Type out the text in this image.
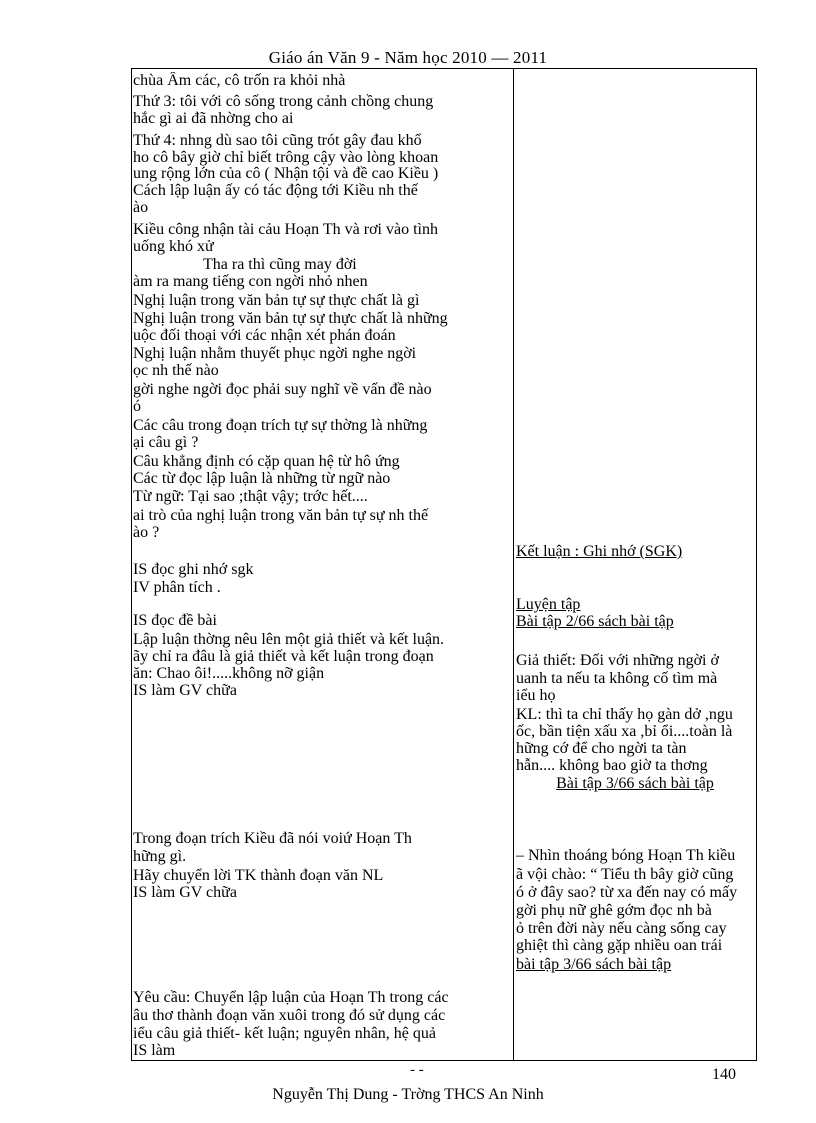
Giáo án Văn 9 - Năm học 2010 — 2011
chùa Âm các, cô trốn ra khỏi nhà
Thứ 3: tôi với cô sống trong cảnh chồng chung
hắc gì ai đã nhờng cho ai
Thứ 4: nhng dù sao tôi cũng trót gây đau khổ
ho cô bây giờ chỉ biết trông cậy vào lòng khoan
ung rộng lớn của cô ( Nhận tội và đề cao Kiều )
Cách lập luận ấy có tác động tới Kiều nh thế
ào
Kiều công nhận tài cảu Hoạn Th và rơi vào tình
uống khó xử
Tha ra thì cũng may đời
àm ra mang tiếng con ngời nhỏ nhen
Nghị luận trong văn bản tự sự thực chất là gì
Nghị luận trong văn bản tự sự thực chất là những
uộc đối thoại với các nhận xét phán đoán
Nghị luận nhằm thuyết phục ngời nghe ngời
ọc nh thế nào
gời nghe ngời đọc phải suy nghĩ về vấn đề nào
ó
Các câu trong đoạn trích tự sự thờng là những
ại câu gì ?
Câu khẳng định có cặp quan hệ từ hô ứng
Các từ đọc lập luận là những từ ngữ nào
Từ ngữ: Tại sao ;thật vậy; trớc hết....
ai trò của nghị luận trong văn bản tự sự nh thế
ào ?
IS đọc ghi nhớ sgk
IV phân tích .
IS đọc đề bài
Lập luận thờng nêu lên một giả thiết và kết luận.
ãy chỉ ra đâu là giả thiết và kết luận trong đoạn
ăn: Chao ôi!.....không nỡ giận
IS làm GV chữa
Trong đoạn trích Kiều đã nói voiứ Hoạn Th
hững gì.
Hãy chuyển lời TK thành đoạn văn NL
IS làm GV chữa
Yêu cầu: Chuyển lập luận của Hoạn Th trong các
âu thơ thành đoạn văn xuôi trong đó sử dụng các
iểu câu giả thiết- kết luận; nguyên nhân, hệ quả
IS làm
Kết luận : Ghi nhớ (SGK)
Luyện tập
Bài tập 2/66 sách bài tập
Giả thiết: Đối với những ngời ở
uanh ta nếu ta không cố tìm mà
iểu họ
KL: thì ta chỉ thấy họ gàn dở ,ngu
ốc, bần tiện xấu xa ,bỉ ổi....toàn là
hững cớ để cho ngời ta tàn
hẫn.... không bao giờ ta thơng
Bài tập 3/66 sách bài tập
– Nhìn thoáng bóng Hoạn Th kiều
ã vội chào: “ Tiểu th bây giờ cũng
ó ở đây sao? từ xa đến nay có mấy
gời phụ nữ ghê gớm đọc nh bà
ỏ trên đời này nếu càng sống cay
ghiệt thì càng gặp nhiều oan trái
bài tập 3/66 sách bài tập
- -	140
Nguyễn Thị Dung - Trờng THCS An Ninh
